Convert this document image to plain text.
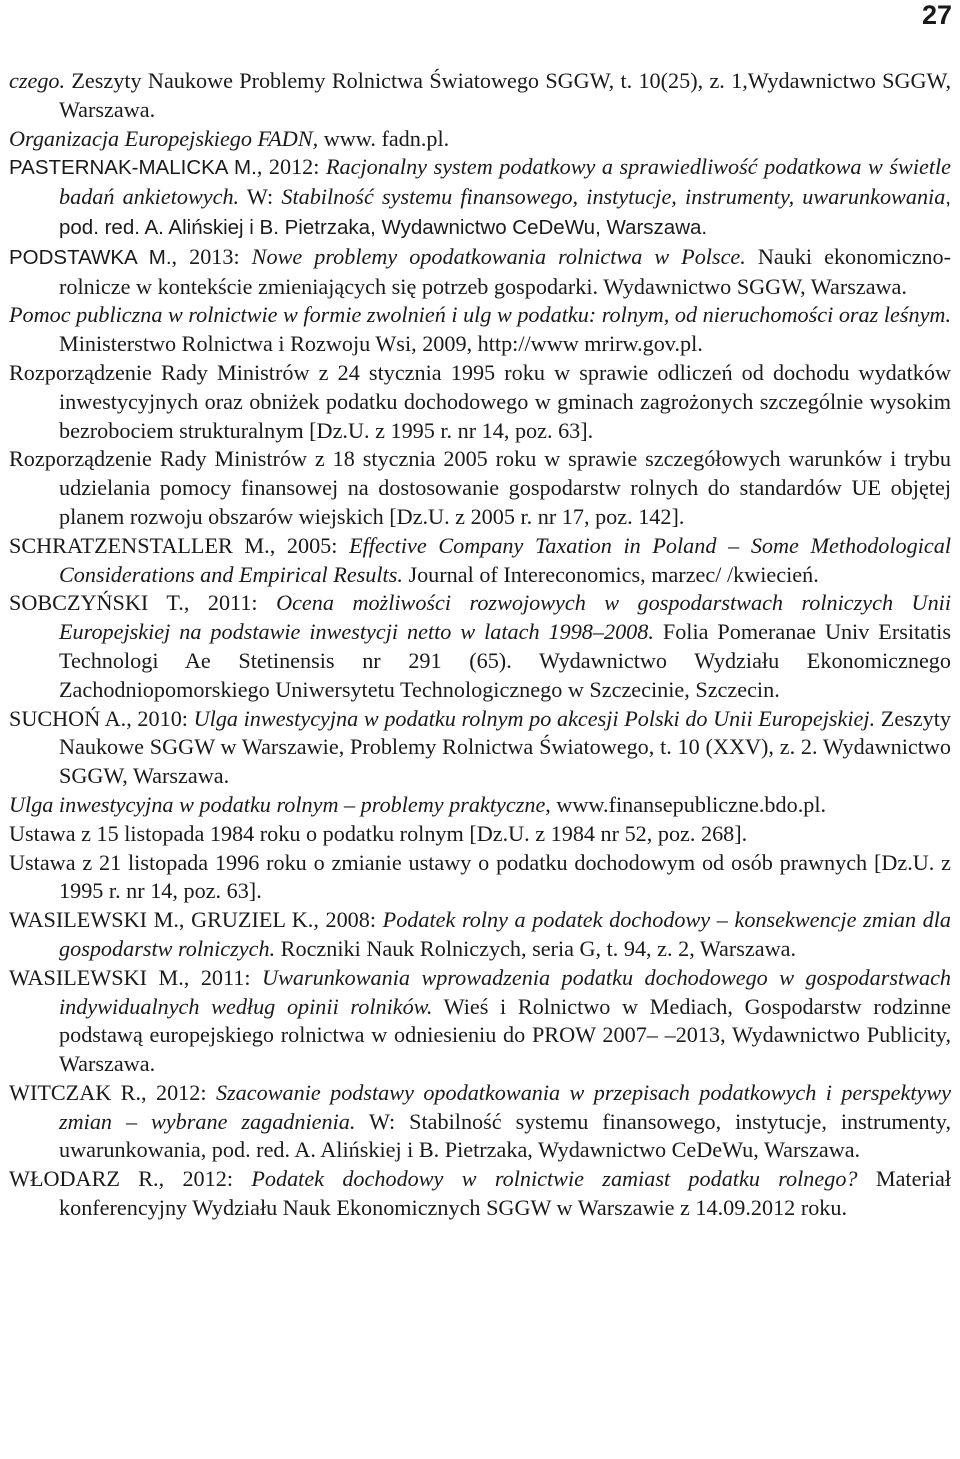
27

czego. Zeszyty Naukowe Problemy Rolnictwa Światowego SGGW, t. 10(25), z. 1,Wydawnictwo SGGW, Warszawa.

Organizacja Europejskiego FADN, www. fadn.pl.

PASTERNAK-MALICKA M., 2012: Racjonalny system podatkowy a sprawiedliwość podatkowa w świetle badań ankietowych. W: Stabilność systemu finansowego, instytucje, instrumenty, uwarunkowania, pod. red. A. Alińskiej i B. Pietrzaka, Wydawnictwo CeDeWu, Warszawa.

PODSTAWKA M., 2013: Nowe problemy opodatkowania rolnictwa w Polsce. Nauki ekonomiczno-rolnicze w kontekście zmieniających się potrzeb gospodarki. Wydawnictwo SGGW, Warszawa.

Pomoc publiczna w rolnictwie w formie zwolnień i ulg w podatku: rolnym, od nieruchomości oraz leśnym. Ministerstwo Rolnictwa i Rozwoju Wsi, 2009, http://www mrirw.gov.pl.

Rozporządzenie Rady Ministrów z 24 stycznia 1995 roku w sprawie odliczeń od dochodu wydatków inwestycyjnych oraz obniżek podatku dochodowego w gminach zagrożonych szczególnie wysokim bezrobociem strukturalnym [Dz.U. z 1995 r. nr 14, poz. 63].

Rozporządzenie Rady Ministrów z 18 stycznia 2005 roku w sprawie szczegółowych warunków i trybu udzielania pomocy finansowej na dostosowanie gospodarstw rolnych do standardów UE objętej planem rozwoju obszarów wiejskich [Dz.U. z 2005 r. nr 17, poz. 142].

SCHRATZENSTALLER M., 2005: Effective Company Taxation in Poland – Some Methodological Considerations and Empirical Results. Journal of Intereconomics, marzec/ /kwiecień.

SOBCZYŃSKI T., 2011: Ocena możliwości rozwojowych w gospodarstwach rolniczych Unii Europejskiej na podstawie inwestycji netto w latach 1998–2008. Folia Pomeranae Univ Ersitatis Technologi Ae Stetinensis nr 291 (65). Wydawnictwo Wydziału Ekonomicznego Zachodniopomorskiego Uniwersytetu Technologicznego w Szczecinie, Szczecin.

SUCHOŃ A., 2010: Ulga inwestycyjna w podatku rolnym po akcesji Polski do Unii Europejskiej. Zeszyty Naukowe SGGW w Warszawie, Problemy Rolnictwa Światowego, t. 10 (XXV), z. 2. Wydawnictwo SGGW, Warszawa.

Ulga inwestycyjna w podatku rolnym – problemy praktyczne, www.finansepubliczne.bdo.pl.

Ustawa z 15 listopada 1984 roku o podatku rolnym [Dz.U. z 1984 nr 52, poz. 268].

Ustawa z 21 listopada 1996 roku o zmianie ustawy o podatku dochodowym od osób prawnych [Dz.U. z 1995 r. nr 14, poz. 63].

WASILEWSKI M., GRUZIEL K., 2008: Podatek rolny a podatek dochodowy – konsekwencje zmian dla gospodarstw rolniczych. Roczniki Nauk Rolniczych, seria G, t. 94, z. 2, Warszawa.

WASILEWSKI M., 2011: Uwarunkowania wprowadzenia podatku dochodowego w gospodarstwach indywidualnych według opinii rolników. Wieś i Rolnictwo w Mediach, Gospodarstw rodzinne podstawą europejskiego rolnictwa w odniesieniu do PROW 2007– –2013, Wydawnictwo Publicity, Warszawa.

WITCZAK R., 2012: Szacowanie podstawy opodatkowania w przepisach podatkowych i perspektywy zmian – wybrane zagadnienia. W: Stabilność systemu finansowego, instytucje, instrumenty, uwarunkowania, pod. red. A. Alińskiej i B. Pietrzaka, Wydawnictwo CeDeWu, Warszawa.

WŁODARZ R., 2012: Podatek dochodowy w rolnictwie zamiast podatku rolnego? Materiał konferencyjny Wydziału Nauk Ekonomicznych SGGW w Warszawie z 14.09.2012 roku.
